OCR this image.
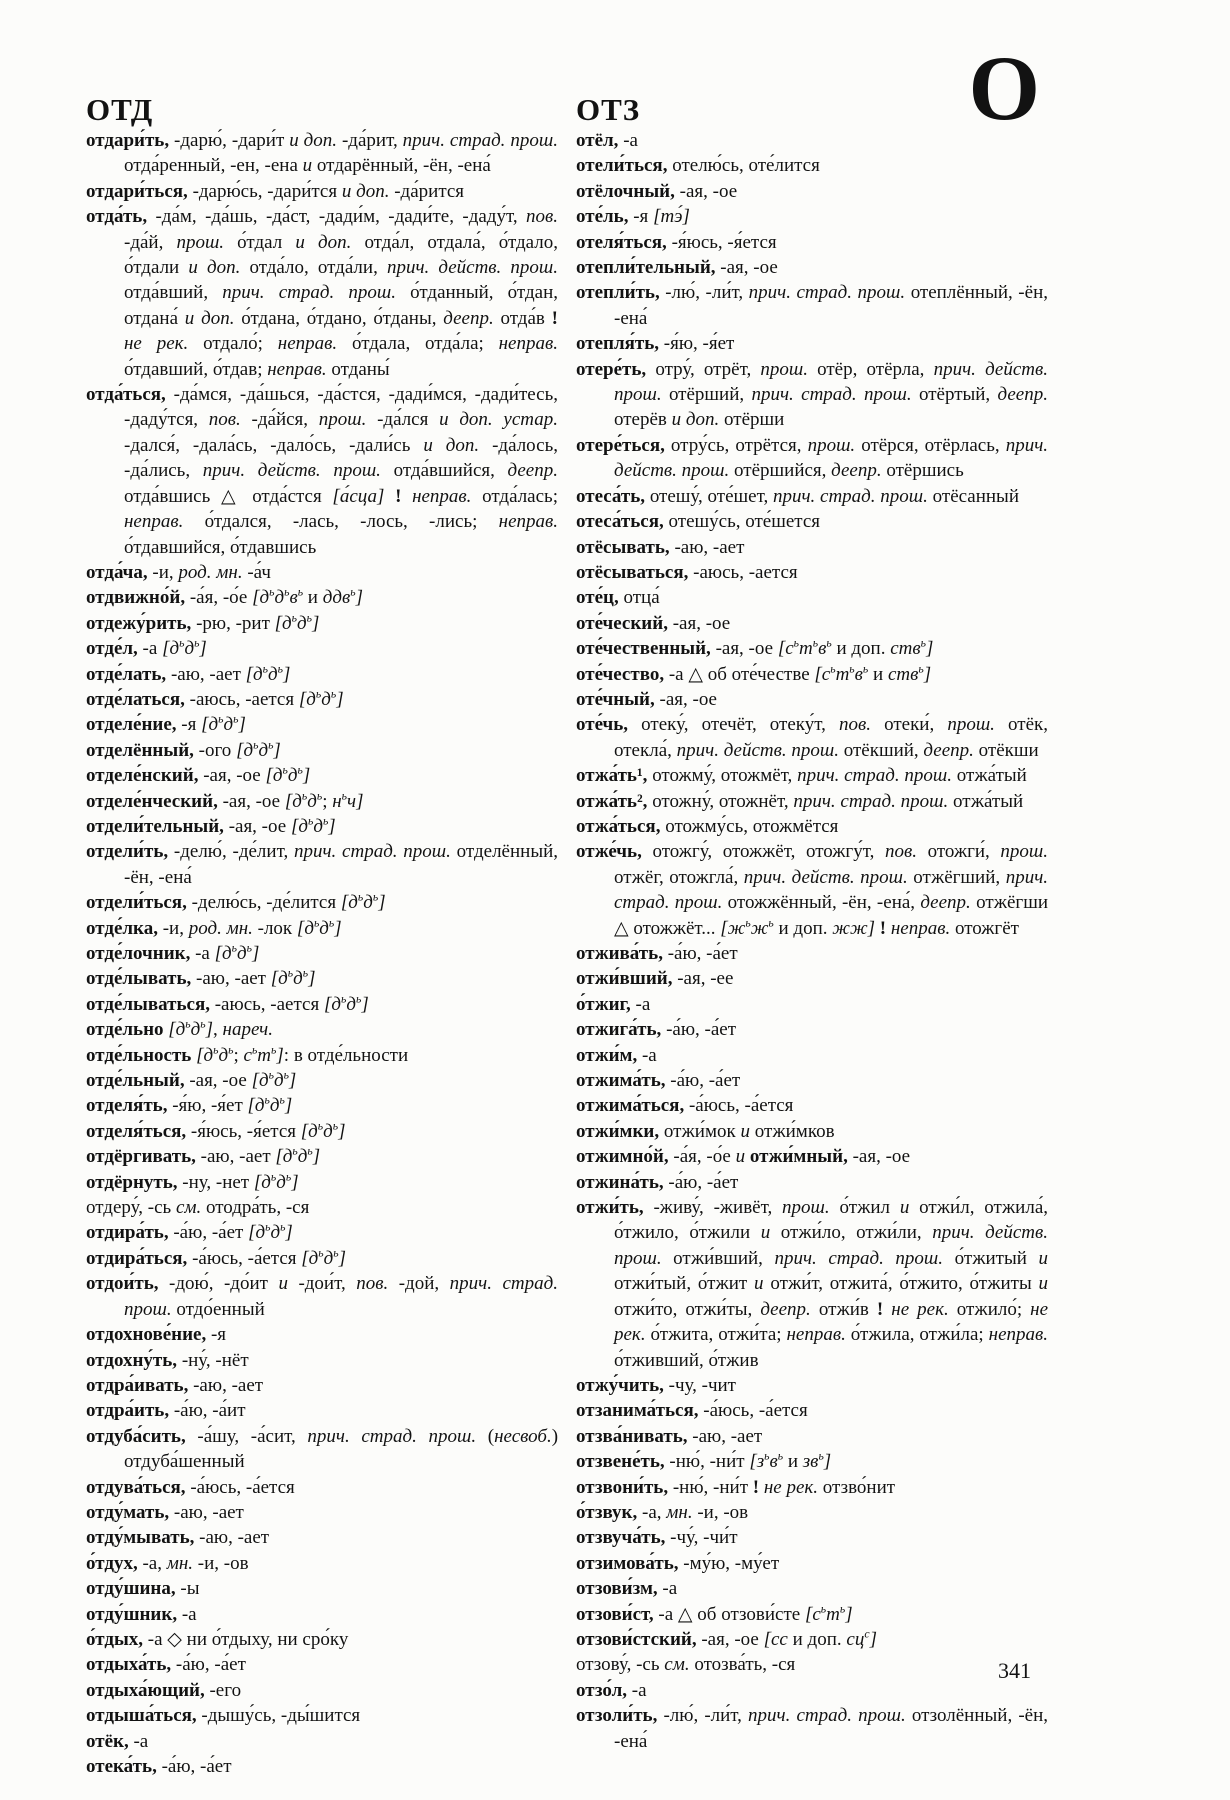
ОТД	ОТЗ	О

отдари́ть, -дарю́, -дари́т и доп. -да́рит, прич. страд. прош. отда́ренный, -ен, -ена и отдарённый, -ён, -ена́

отдари́ться, -дарю́сь, -дари́тся и доп. -да́рится

отда́ть, -да́м, -да́шь, -да́ст, -дади́м, -дади́те, -даду́т, пов. -да́й, прош. о́тдал и доп. отда́л, отдала́, о́тдало, о́тдали и доп. отда́ло, отда́ли, прич. действ. прош. отда́вший, прич. страд. прош. о́тданный, о́тдан, отдана́ и доп. о́тдана, о́тдано, о́тданы, деепр. отда́в ! не рек. отдало́; неправ. о́тдала, отда́ла; неправ. о́тдавший, о́тдав; неправ. отданы́

отда́ться, -да́мся, -да́шься, -да́стся, -дади́мся, -дади́тесь, -даду́тся, пов. -да́йся, прош. -да́лся и доп. устар. -дался́, -дала́сь, -дало́сь, -дали́сь и доп. -да́лось, -да́лись, прич. действ. прош. отда́вшийся, деепр. отда́вшись △ отда́стся [а́сца] ! неправ. отда́лась; неправ. о́тдался, -лась, -лось, -лись; неправ. о́тдавшийся, о́тдавшись

отда́ча, -и, род. мн. -а́ч

отдвижно́й, -а́я, -о́е [$д^ьд^ьв^ь$ и ддв$^ь$]

отдежу́рить, -рю, -рит $[д^ьд^ь]$

отде́л, -а $[д^ьд^ь]$

отде́лать, -аю, -ает $[д^ьд^ь]$

отде́латься, -аюсь, -ается $[д^ьд^ь]$

отделе́ние, -я $[д^ьд^ь]$

отделённый, -ого $[д^ьд^ь]$

отделе́нский, -ая, -ое $[д^ьд^ь]$

отделе́нческий, -ая, -ое [$д^ьд^ь$; $н^ьч$]

отдели́тельный, -ая, -ое $[д^ьд^ь]$

отдели́ть, -делю́, -де́лит, прич. страд. прош. отделённый, -ён, -ена́

отдели́ться, -делю́сь, -де́лится $[д^ьд^ь]$

отде́лка, -и, род. мн. -лок $[д^ьд^ь]$

отде́лочник, -а $[д^ьд^ь]$

отде́лывать, -аю, -ает $[д^ьд^ь]$

отде́лываться, -аюсь, -ается $[д^ьд^ь]$

отде́льно $[д^ьд^ь]$, нареч.

отде́льность [$д^ьд^ь$; $с^ьт^ь$]: в отде́льности

отде́льный, -ая, -ое $[д^ьд^ь]$

отделя́ть, -я́ю, -я́ет $[д^ьд^ь]$

отделя́ться, -я́юсь, -я́ется $[д^ьд^ь]$

отдёргивать, -аю, -ает $[д^ьд^ь]$

отдёрнуть, -ну, -нет $[д^ьд^ь]$

отдеру́, -сь см. отодра́ть, -ся

отдира́ть, -а́ю, -а́ет $[д^ьд^ь]$

отдира́ться, -а́юсь, -а́ется $[д^ьд^ь]$

отдои́ть, -дою́, -до́ит и -дои́т, пов. -дой, прич. страд. прош. отдо́енный

отдохнове́ние, -я

отдохну́ть, -ну́, -нёт

отдра́ивать, -аю, -ает

отдра́ить, -а́ю, -а́ит

отдуба́сить, -а́шу, -а́сит, прич. страд. прош. (несвоб.) отдуба́шенный

отдува́ться, -а́юсь, -а́ется

отду́мать, -аю, -ает

отду́мывать, -аю, -ает

о́тдух, -а, мн. -и, -ов

отду́шина, -ы

отду́шник, -а

о́тдых, -а ◇ ни о́тдыху, ни сро́ку

отдыха́ть, -а́ю, -а́ет

отдыха́ющий, -его

отдыша́ться, -дышу́сь, -ды́шится

отёк, -а

отека́ть, -а́ю, -а́ет

отёл, -а

отели́ться, отелю́сь, оте́лится

отёлочный, -ая, -ое

оте́ль, -я [тэ́]

отеля́ться, -я́юсь, -я́ется

отепли́тельный, -ая, -ое

отепли́ть, -лю́, -ли́т, прич. страд. прош. отеплённый, -ён, -ена́

отепля́ть, -я́ю, -я́ет

отере́ть, отру́, отрёт, прош. отёр, отёрла, прич. действ. прош. отёрший, прич. страд. прош. отёртый, деепр. отерёв и доп. отёрши

отере́ться, отру́сь, отрётся, прош. отёрся, отёрлась, прич. действ. прош. отёршийся, деепр. отёршись

отеса́ть, отешу́, оте́шет, прич. страд. прош. отёсанный

отеса́ться, отешу́сь, оте́шется

отёсывать, -аю, -ает

отёсываться, -аюсь, -ается

оте́ц, отца́

оте́ческий, -ая, -ое

оте́чественный, -ая, -ое [$с^ьт^ьв^ь$ и доп. ств$^ь$]

оте́чество, -а △ об оте́честве [$с^ьт^ьв^ь$ и ств$^ь$]

оте́чный, -ая, -ое

оте́чь, отеку́, отечёт, отеку́т, пов. отеки́, прош. отёк, отекла́, прич. действ. прош. отёкший, деепр. отёкши

отжа́ть¹, отожму́, отожмёт, прич. страд. прош. отжа́тый

отжа́ть², отожну́, отожнёт, прич. страд. прош. отжа́тый

отжа́ться, отожму́сь, отожмётся

отже́чь, отожгу́, отожжёт, отожгу́т, пов. отожги́, прош. отжёг, отожгла́, прич. действ. прош. отжёгший, прич. страд. прош. отожжённый, -ён, -ена́, деепр. отжёгши △ отожжёт... [$ж^ьж^ь$ и доп. жж] ! неправ. отожгёт

отжива́ть, -а́ю, -а́ет

отжи́вший, -ая, -ее

о́тжиг, -а

отжига́ть, -а́ю, -а́ет

отжи́м, -а

отжима́ть, -а́ю, -а́ет

отжима́ться, -а́юсь, -а́ется

отжи́мки, отжи́мок и отжи́мков

отжимно́й, -а́я, -о́е и отжи́мный, -ая, -ое

отжина́ть, -а́ю, -а́ет

отжи́ть, -живу́, -живёт, прош. о́тжил и отжи́л, отжила́, о́тжило, о́тжили и отжи́ло, отжи́ли, прич. действ. прош. отжи́вший, прич. страд. прош. о́тжитый и отжи́тый, о́тжит и отжи́т, отжита́, о́тжито, о́тжиты и отжи́то, отжи́ты, деепр. отжи́в ! не рек. отжило́; не рек. о́тжита, отжи́та; неправ. о́тжила, отжи́ла; неправ. о́тживший, о́тжив

отжу́чить, -чу, -чит

отзанима́ться, -а́юсь, -а́ется

отзва́нивать, -аю, -ает

отзвене́ть, -ню́, -ни́т [$з^ьв^ь$ и $зв^ь$]

отзвони́ть, -ню́, -ни́т ! не рек. отзво́нит

о́тзвук, -а, мн. -и, -ов

отзвуча́ть, -чу́, -чи́т

отзимова́ть, -му́ю, -му́ет

отзови́зм, -а

отзови́ст, -а △ об отзови́сте $[с^ьт^ь]$

отзови́стский, -ая, -ое [сс и доп. $сц^с$]

отзову́, -сь см. отозва́ть, -ся

отзо́л, -а

отзоли́ть, -лю́, -ли́т, прич. страд. прош. отзолённый, -ён, -ена́

341
